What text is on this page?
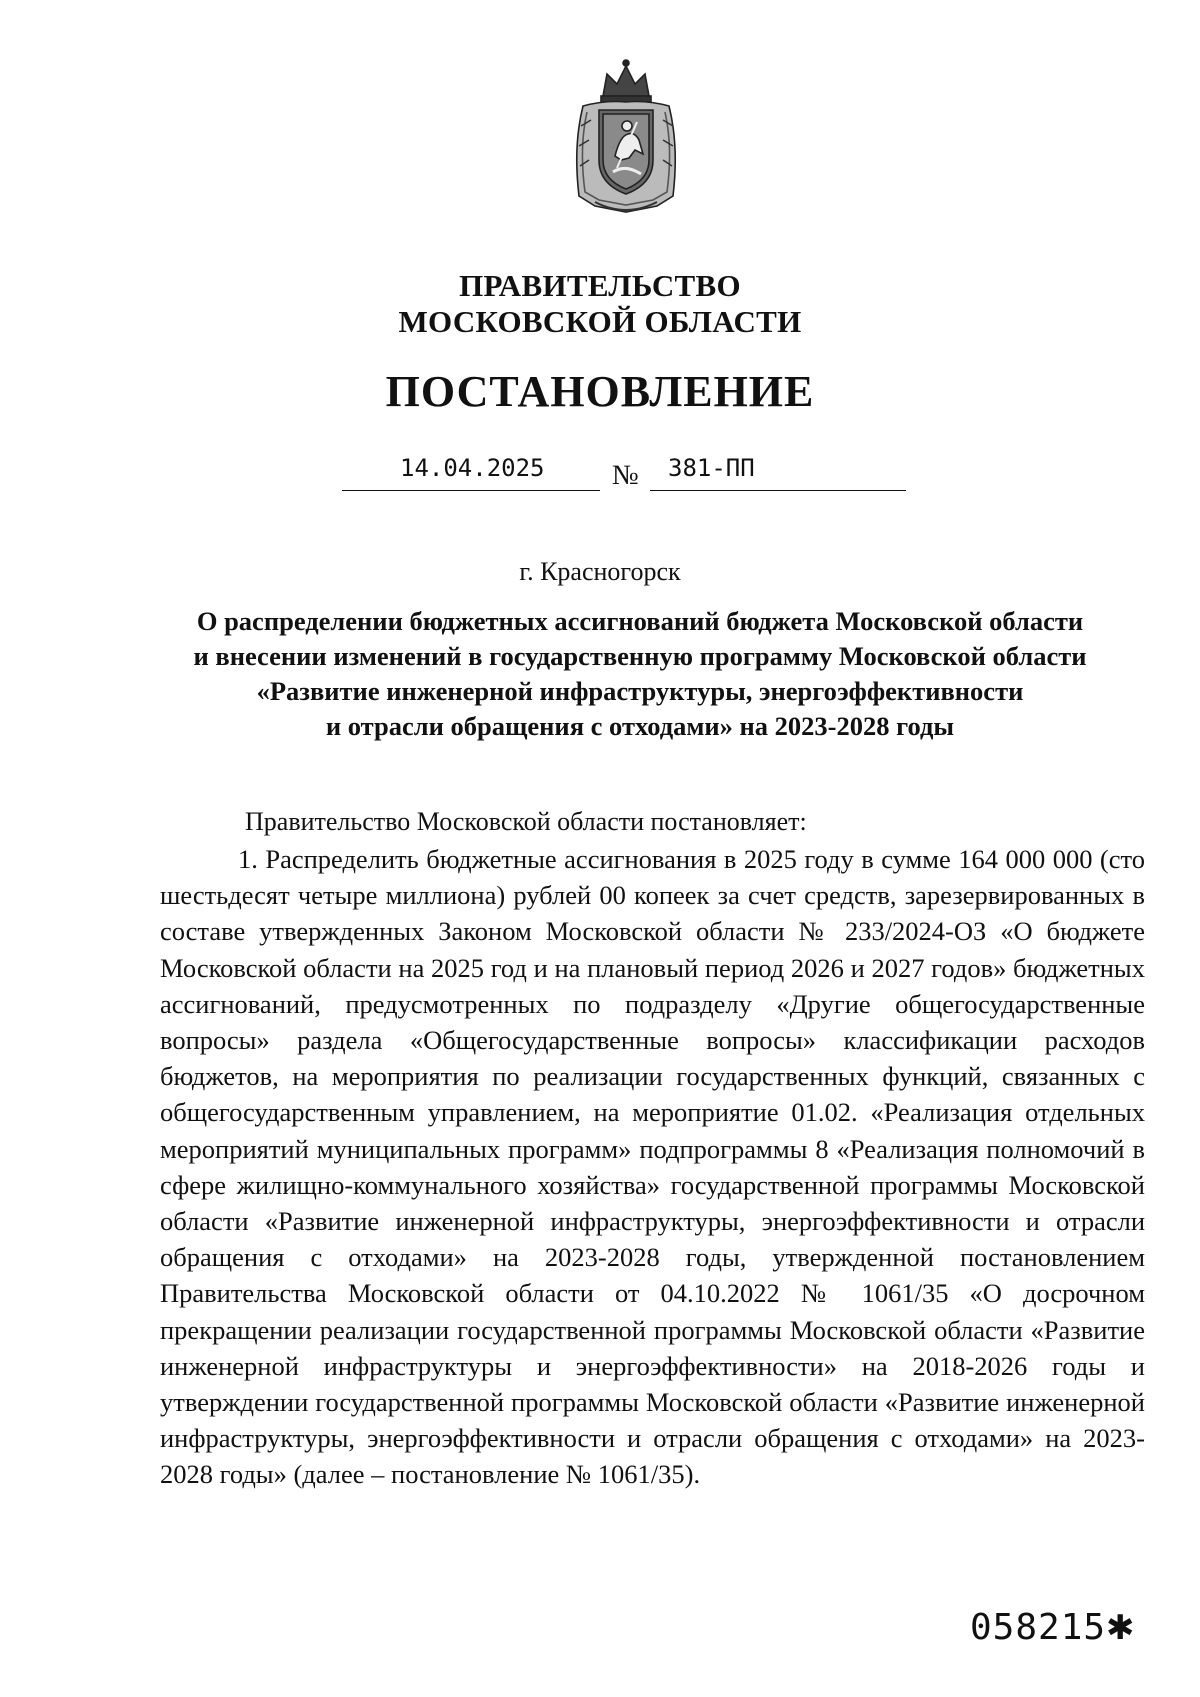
ПРАВИТЕЛЬСТВО
МОСКОВСКОЙ ОБЛАСТИ
ПОСТАНОВЛЕНИЕ
14.04.2025 № 381-ПП
г. Красногорск
О распределении бюджетных ассигнований бюджета Московской области
и внесении изменений в государственную программу Московской области
«Развитие инженерной инфраструктуры, энергоэффективности
и отрасли обращения с отходами» на 2023-2028 годы
Правительство Московской области постановляет:
1. Распределить бюджетные ассигнования в 2025 году в сумме 164 000 000 (сто шестьдесят четыре миллиона) рублей 00 копеек за счет средств, зарезервированных в составе утвержденных Законом Московской области № 233/2024-ОЗ «О бюджете Московской области на 2025 год и на плановый период 2026 и 2027 годов» бюджетных ассигнований, предусмотренных по подразделу «Другие общегосударственные вопросы» раздела «Общегосударственные вопросы» классификации расходов бюджетов, на мероприятия по реализации государственных функций, связанных с общегосударственным управлением, на мероприятие 01.02. «Реализация отдельных мероприятий муниципальных программ» подпрограммы 8 «Реализация полномочий в сфере жилищно-коммунального хозяйства» государственной программы Московской области «Развитие инженерной инфраструктуры, энергоэффективности и отрасли обращения с отходами» на 2023-2028 годы, утвержденной постановлением Правительства Московской области от 04.10.2022 № 1061/35 «О досрочном прекращении реализации государственной программы Московской области «Развитие инженерной инфраструктуры и энергоэффективности» на 2018-2026 годы и утверждении государственной программы Московской области «Развитие инженерной инфраструктуры, энергоэффективности и отрасли обращения с отходами» на 2023-2028 годы» (далее – постановление № 1061/35).
058215✱
